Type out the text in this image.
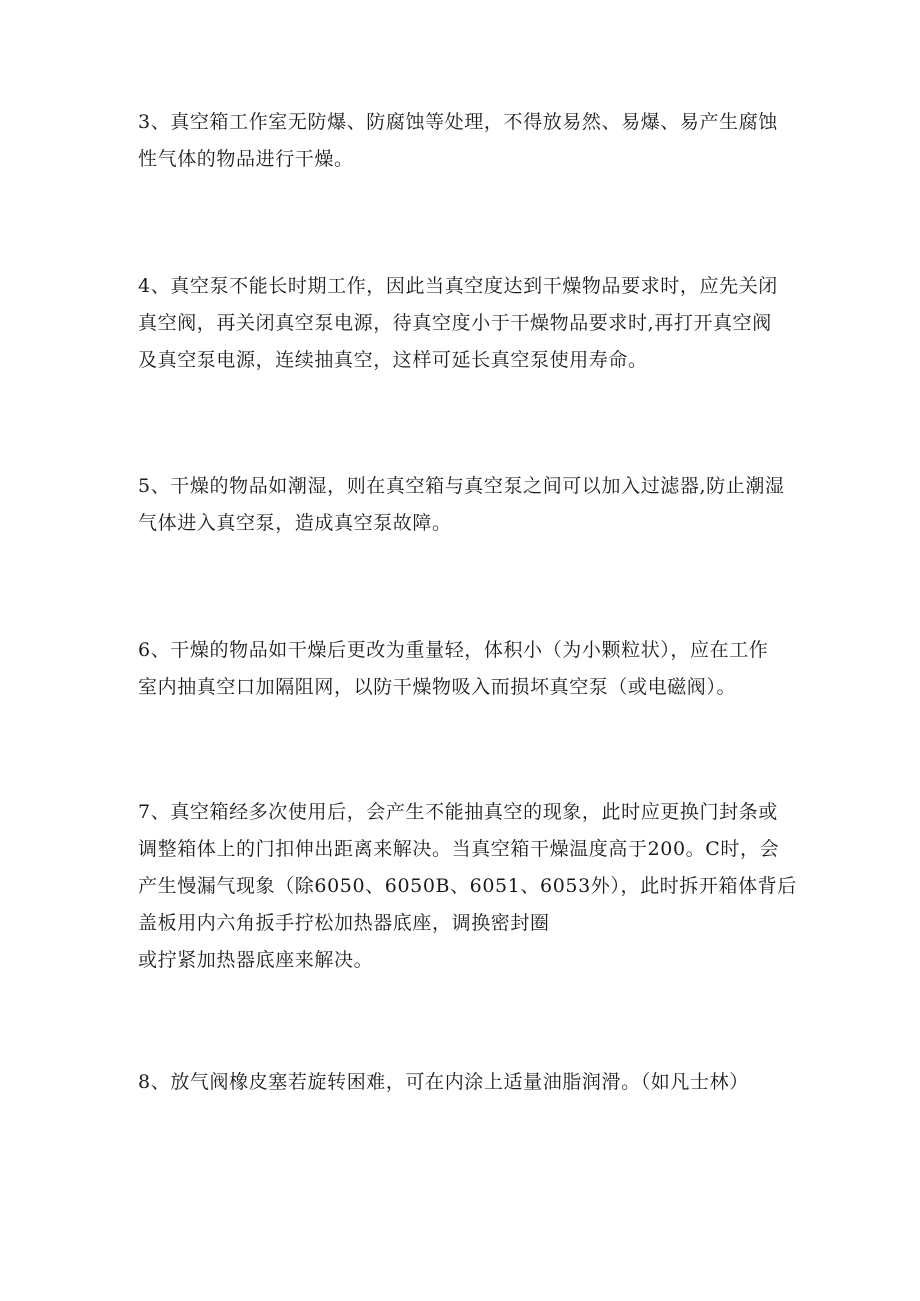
3、真空箱工作室无防爆、防腐蚀等处理，不得放易然、易爆、易产生腐蚀
性气体的物品进行干燥。

4、真空泵不能长时期工作，因此当真空度达到干燥物品要求时，应先关闭
真空阀，再关闭真空泵电源，待真空度小于干燥物品要求时,再打开真空阀
及真空泵电源，连续抽真空，这样可延长真空泵使用寿命。

5、干燥的物品如潮湿，则在真空箱与真空泵之间可以加入过滤器,防止潮湿
气体进入真空泵，造成真空泵故障。

6、干燥的物品如干燥后更改为重量轻，体积小（为小颗粒状），应在工作
室内抽真空口加隔阻网，以防干燥物吸入而损坏真空泵（或电磁阀）。

7、真空箱经多次使用后，会产生不能抽真空的现象，此时应更换门封条或
调整箱体上的门扣伸出距离来解决。当真空箱干燥温度高于200。C时，会
产生慢漏气现象（除6050、6050B、6051、6053外），此时拆开箱体背后
盖板用内六角扳手拧松加热器底座，调换密封圈
或拧紧加热器底座来解决。

8、放气阀橡皮塞若旋转困难，可在内涂上适量油脂润滑。（如凡士林）
